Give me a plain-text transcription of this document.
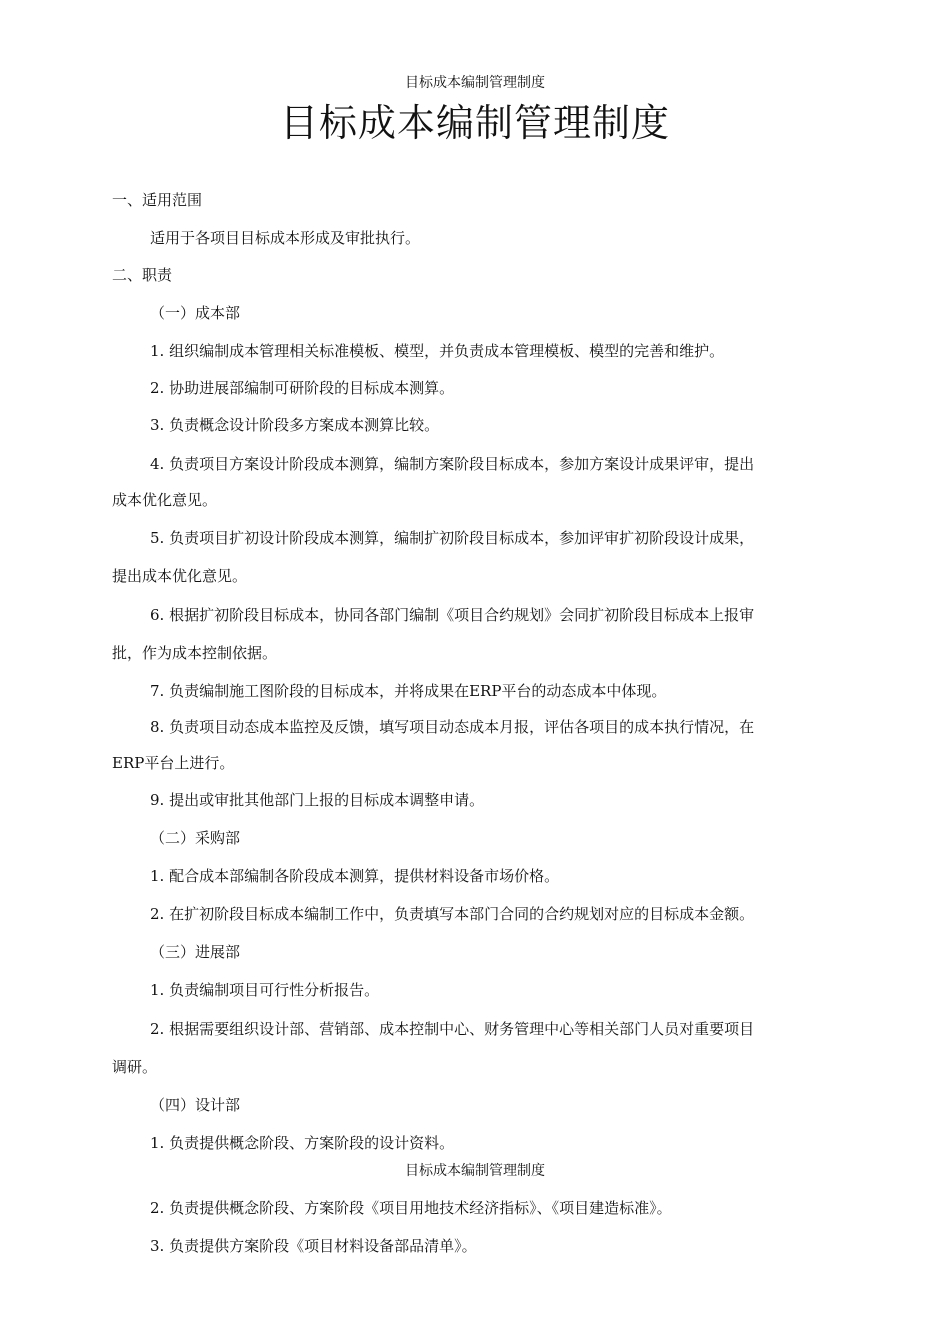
目标成本编制管理制度
目标成本编制管理制度
一、适用范围
适用于各项目目标成本形成及审批执行。
二、职责
（一）成本部
1. 组织编制成本管理相关标准模板、模型，并负责成本管理模板、模型的完善和维护。
2. 协助进展部编制可研阶段的目标成本测算。
3. 负责概念设计阶段多方案成本测算比较。
4. 负责项目方案设计阶段成本测算，编制方案阶段目标成本，参加方案设计成果评审，提出
成本优化意见。
5. 负责项目扩初设计阶段成本测算，编制扩初阶段目标成本，参加评审扩初阶段设计成果，
提出成本优化意见。
6. 根据扩初阶段目标成本，协同各部门编制《项目合约规划》会同扩初阶段目标成本上报审
批，作为成本控制依据。
7. 负责编制施工图阶段的目标成本，并将成果在ERP平台的动态成本中体现。
8. 负责项目动态成本监控及反馈，填写项目动态成本月报，评估各项目的成本执行情况，在
ERP平台上进行。
9. 提出或审批其他部门上报的目标成本调整申请。
（二）采购部
1. 配合成本部编制各阶段成本测算，提供材料设备市场价格。
2. 在扩初阶段目标成本编制工作中，负责填写本部门合同的合约规划对应的目标成本金额。
（三）进展部
1. 负责编制项目可行性分析报告。
2. 根据需要组织设计部、营销部、成本控制中心、财务管理中心等相关部门人员对重要项目
调研。
（四）设计部
1. 负责提供概念阶段、方案阶段的设计资料。
目标成本编制管理制度
2. 负责提供概念阶段、方案阶段《项目用地技术经济指标》、《项目建造标准》。
3. 负责提供方案阶段《项目材料设备部品清单》。
